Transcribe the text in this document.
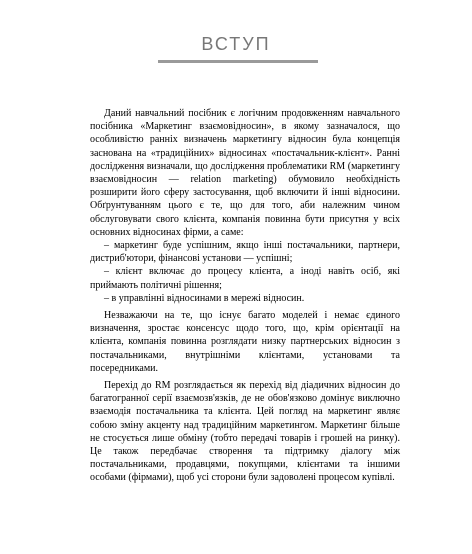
ВСТУП

Даний навчальний посібник є логічним продовженням навчального посібника «Маркетинг взаємовідносин», в якому зазначалося, що особливістю ранніх визначень маркетингу відносин була концепція заснована на «традиційних» відносинах «постачальник-клієнт». Ранні дослідження визначали, що дослідження проблематики RM (маркетингу взаємовідносин — relation marketing) обумовило необхідність розширити його сферу застосування, щоб включити й інші відносини. Обґрунтуванням цього є те, що для того, аби належним чином обслуговувати свого клієнта, компанія повинна бути присутня у всіх основних відносинах фірми, а саме:

– маркетинг буде успішним, якщо інші постачальники, партнери, дистриб'ютори, фінансові установи — успішні;

– клієнт включає до процесу клієнта, а іноді навіть осіб, які приймають політичні рішення;

– в управлінні відносинами в мережі відносин.

Незважаючи на те, що існує багато моделей і немає єдиного визначення, зростає консенсус щодо того, що, крім орієнтації на клієнта, компанія повинна розглядати низку партнерських відносин з постачальниками, внутрішніми клієнтами, установами та посередниками.

Перехід до RM розглядається як перехід від діадичних відносин до багатогранної серії взаємозв'язків, де не обов'язково домінує виключно взаємодія постачальника та клієнта. Цей погляд на маркетинг являє собою зміну акценту над традиційним маркетингом. Маркетинг більше не стосується лише обміну (тобто передачі товарів і грошей на ринку). Це також передбачає створення та підтримку діалогу між постачальниками, продавцями, покупцями, клієнтами та іншими особами (фірмами), щоб усі сторони були задоволені процесом купівлі.
